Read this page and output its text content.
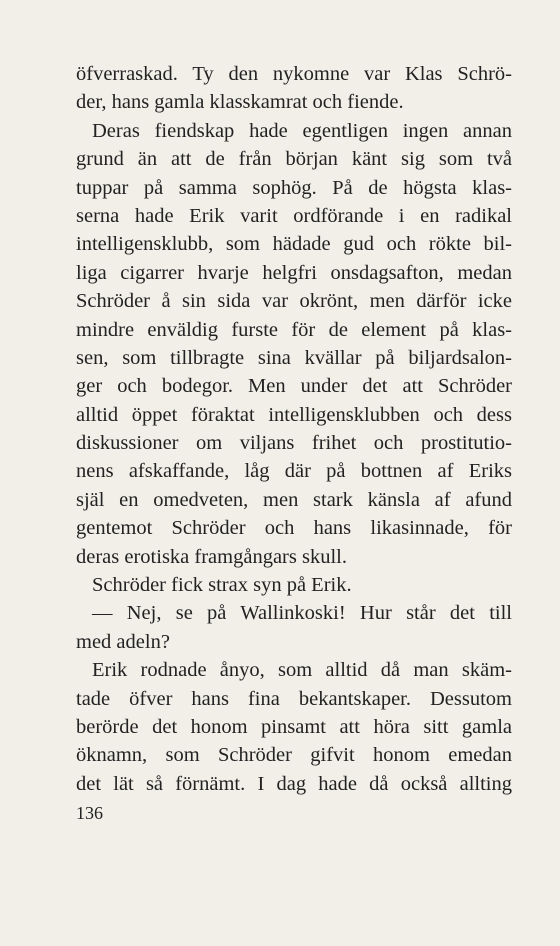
öfverraskad. Ty den nykomne var Klas Schrö-
der, hans gamla klasskamrat och fiende.
Deras fiendskap hade egentligen ingen annan
grund än att de från början känt sig som två
tuppar på samma sophög. På de högsta klas-
serna hade Erik varit ordförande i en radikal
intelligensklubb, som hädade gud och rökte bil-
liga cigarrer hvarje helgfri onsdagsafton, medan
Schröder å sin sida var okrönt, men därför icke
mindre enväldig furste för de element på klas-
sen, som tillbragte sina kvällar på biljardsalon-
ger och bodegor. Men under det att Schröder
alltid öppet föraktat intelligensklubben och dess
diskussioner om viljans frihet och prostitutio-
nens afskaffande, låg där på bottnen af Eriks
själ en omedveten, men stark känsla af afund
gentemot Schröder och hans likasinnade, för
deras erotiska framgångars skull.
Schröder fick strax syn på Erik.
— Nej, se på Wallinkoski! Hur står det till
med adeln?
Erik rodnade ånyo, som alltid då man skäm-
tade öfver hans fina bekantskaper. Dessutom
berörde det honom pinsamt att höra sitt gamla
öknamn, som Schröder gifvit honom emedan
det lät så förnämt. I dag hade då också allting
136
